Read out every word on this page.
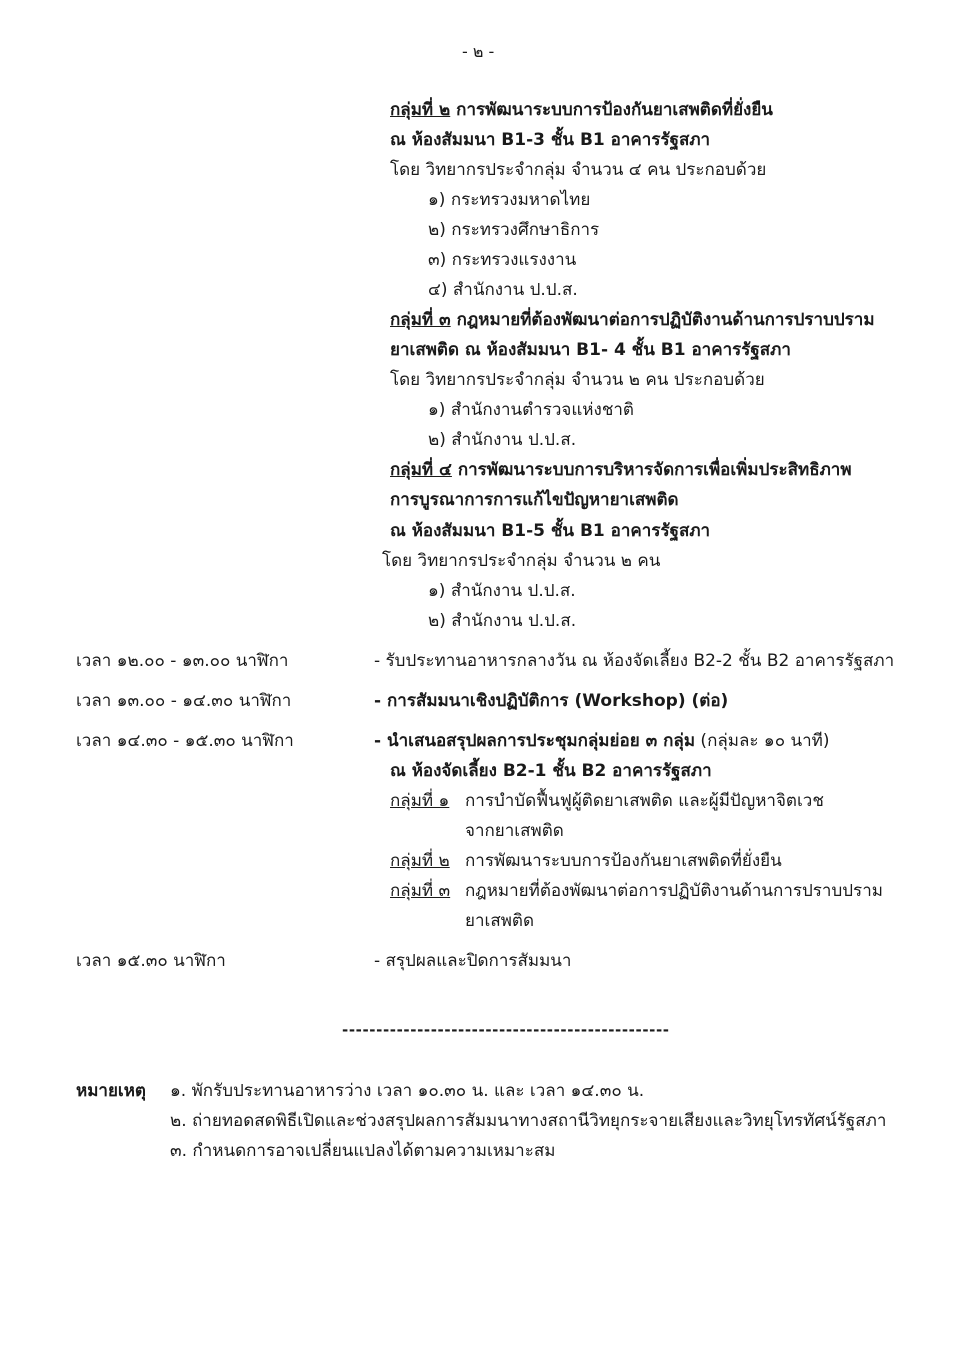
- ๒ -
กลุ่มที่ ๒ การพัฒนาระบบการป้องกันยาเสพติดที่ยั่งยืน
ณ ห้องสัมมนา B1-3 ชั้น B1 อาคารรัฐสภา
โดย วิทยากรประจำกลุ่ม จำนวน ๔ คน ประกอบด้วย
๑) กระทรวงมหาดไทย
๒) กระทรวงศึกษาธิการ
๓) กระทรวงแรงงาน
๔) สำนักงาน ป.ป.ส.
กลุ่มที่ ๓ กฎหมายที่ต้องพัฒนาต่อการปฏิบัติงานด้านการปราบปราม
ยาเสพติด ณ ห้องสัมมนา B1- 4 ชั้น B1 อาคารรัฐสภา
โดย วิทยากรประจำกลุ่ม จำนวน ๒ คน ประกอบด้วย
๑) สำนักงานตำรวจแห่งชาติ
๒) สำนักงาน ป.ป.ส.
กลุ่มที่ ๔ การพัฒนาระบบการบริหารจัดการเพื่อเพิ่มประสิทธิภาพ
การบูรณาการการแก้ไขปัญหายาเสพติด
ณ ห้องสัมมนา B1-5 ชั้น B1 อาคารรัฐสภา
โดย วิทยากรประจำกลุ่ม จำนวน ๒ คน
๑) สำนักงาน ป.ป.ส.
๒) สำนักงาน ป.ป.ส.
เวลา ๑๒.๐๐ - ๑๓.๐๐ นาฬิกา	- รับประทานอาหารกลางวัน ณ ห้องจัดเลี้ยง B2-2 ชั้น B2 อาคารรัฐสภา
เวลา ๑๓.๐๐ - ๑๔.๓๐ นาฬิกา	- การสัมมนาเชิงปฏิบัติการ (Workshop) (ต่อ)
เวลา ๑๔.๓๐ - ๑๕.๓๐ นาฬิกา	- นำเสนอสรุปผลการประชุมกลุ่มย่อย ๓ กลุ่ม (กลุ่มละ ๑๐ นาที)
ณ ห้องจัดเลี้ยง B2-1 ชั้น B2 อาคารรัฐสภา
กลุ่มที่ ๑ การบำบัดฟื้นฟูผู้ติดยาเสพติด และผู้มีปัญหาจิตเวช
จากยาเสพติด
กลุ่มที่ ๒ การพัฒนาระบบการป้องกันยาเสพติดที่ยั่งยืน
กลุ่มที่ ๓ กฎหมายที่ต้องพัฒนาต่อการปฏิบัติงานด้านการปราบปราม
ยาเสพติด
เวลา ๑๕.๓๐ นาฬิกา	- สรุปผลและปิดการสัมมนา
------------------------------------------------
หมายเหตุ ๑. พักรับประทานอาหารว่าง เวลา ๑๐.๓๐ น. และ เวลา ๑๔.๓๐ น.
๒. ถ่ายทอดสดพิธีเปิดและช่วงสรุปผลการสัมมนาทางสถานีวิทยุกระจายเสียงและวิทยุโทรทัศน์รัฐสภา
๓. กำหนดการอาจเปลี่ยนแปลงได้ตามความเหมาะสม
